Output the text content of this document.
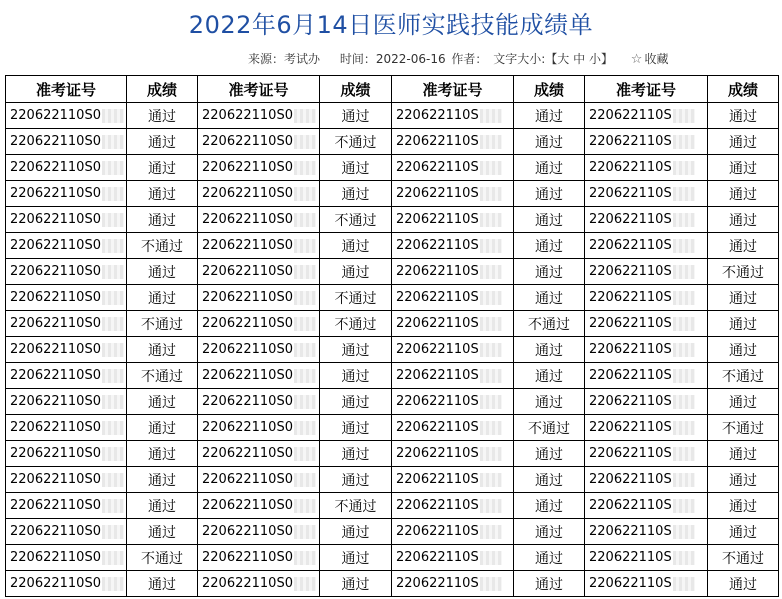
2022年6月14日医师实践技能成绩单
来源：考试办 时间：2022-06-16 作者： 文字大小:【大 中 小】 ☆ 收藏
准考证号	成绩	准考证号	成绩	准考证号	成绩	准考证号	成绩
220622110S0	通过	220622110S0	通过	220622110S	通过	220622110S	通过
220622110S0	通过	220622110S0	不通过	220622110S	通过	220622110S	通过
220622110S0	通过	220622110S0	通过	220622110S	通过	220622110S	通过
220622110S0	通过	220622110S0	通过	220622110S	通过	220622110S	通过
220622110S0	通过	220622110S0	不通过	220622110S	通过	220622110S	通过
220622110S0	不通过	220622110S0	通过	220622110S	通过	220622110S	通过
220622110S0	通过	220622110S0	通过	220622110S	通过	220622110S	不通过
220622110S0	通过	220622110S0	不通过	220622110S	通过	220622110S	通过
220622110S0	不通过	220622110S0	不通过	220622110S	不通过	220622110S	通过
220622110S0	通过	220622110S0	通过	220622110S	通过	220622110S	通过
220622110S0	不通过	220622110S0	通过	220622110S	通过	220622110S	不通过
220622110S0	通过	220622110S0	通过	220622110S	通过	220622110S	通过
220622110S0	通过	220622110S0	通过	220622110S	不通过	220622110S	不通过
220622110S0	通过	220622110S0	通过	220622110S	通过	220622110S	通过
220622110S0	通过	220622110S0	通过	220622110S	通过	220622110S	通过
220622110S0	通过	220622110S0	不通过	220622110S	通过	220622110S	通过
220622110S0	通过	220622110S0	通过	220622110S	通过	220622110S	通过
220622110S0	不通过	220622110S0	通过	220622110S	通过	220622110S	不通过
220622110S0	通过	220622110S0	通过	220622110S	通过	220622110S	通过
